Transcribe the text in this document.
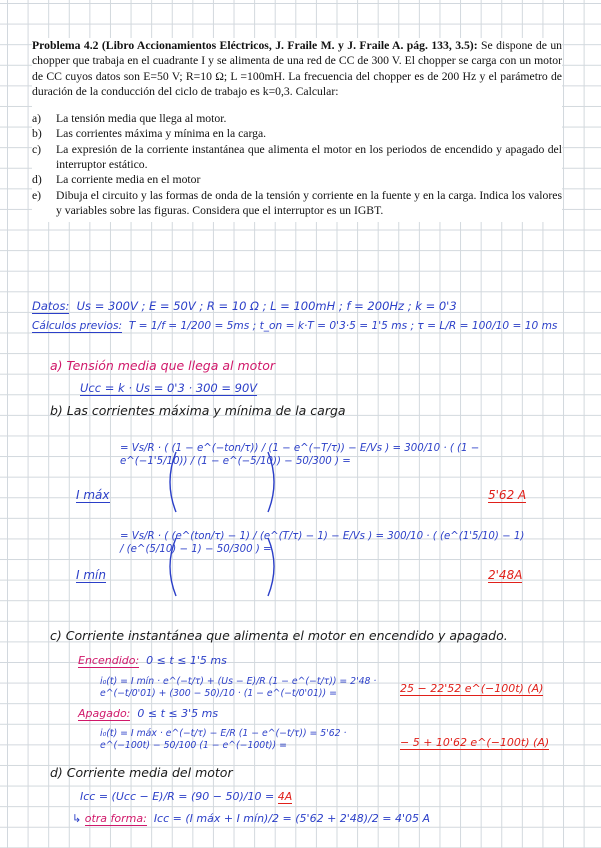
Problema 4.2 (Libro Accionamientos Eléctricos, J. Fraile M. y J. Fraile A. pág. 133, 3.5): Se dispone de un chopper que trabaja en el cuadrante I y se alimenta de una red de CC de 300 V. El chopper se carga con un motor de CC cuyos datos son E=50 V; R=10 Ω; L =100mH. La frecuencia del chopper es de 200 Hz y el parámetro de duración de la conducción del ciclo de trabajo es k=0,3. Calcular:

a) La tensión media que llega al motor.
b) Las corrientes máxima y mínima en la carga.
c) La expresión de la corriente instantánea que alimenta el motor en los periodos de encendido y apagado del interruptor estático.
d) La corriente media en el motor
e) Dibuja el circuito y las formas de onda de la tensión y corriente en la fuente y en la carga. Indica los valores y variables sobre las figuras. Considera que el interruptor es un IGBT.
Datos: Us = 300V ; E = 50V ; R = 10 Ω ; L = 100mH ; f = 200Hz ; k = 0'3
Cálculos previos: T = 1/f = 1/200 = 5ms ; t_on = k·T = 0'3·5 = 1'5 ms ; τ = L/R = 100/10 = 10 ms
a) Tensión media que llega al motor
Ucc = k · Us = 0'3 · 300 = 90V
b) Las corrientes máxima y mínima de la carga
I máx
= Vs/R · ( (1 − e^(−ton/τ)) / (1 − e^(−T/τ)) − E/Vs ) = 300/10 · ( (1 − e^(−1'5/10)) / (1 − e^(−5/10)) − 50/300 ) =
5'62 A
I mín
= Vs/R · ( (e^(ton/τ) − 1) / (e^(T/τ) − 1) − E/Vs ) = 300/10 · ( (e^(1'5/10) − 1) / (e^(5/10) − 1) − 50/300 ) =
2'48A
c) Corriente instantánea que alimenta el motor en encendido y apagado.
Encendido: 0 ≤ t ≤ 1'5 ms
i₀(t) = I mín · e^(−t/τ) + (Us − E)/R (1 − e^(−t/τ)) = 2'48 · e^(−t/0'01) + (300 − 50)/10 · (1 − e^(−t/0'01)) =	25 − 22'52 e^(−100t) (A)
Apagado: 0 ≤ t ≤ 3'5 ms
i₀(t) = I máx · e^(−t/τ) − E/R (1 − e^(−t/τ)) = 5'62 · e^(−100t) − 50/100 (1 − e^(−100t)) =	− 5 + 10'62 e^(−100t) (A)
d) Corriente media del motor
Icc = (Ucc − E)/R = (90 − 50)/10 = 4A
↳ otra forma: Icc = (I máx + I mín)/2 = (5'62 + 2'48)/2 = 4'05 A
